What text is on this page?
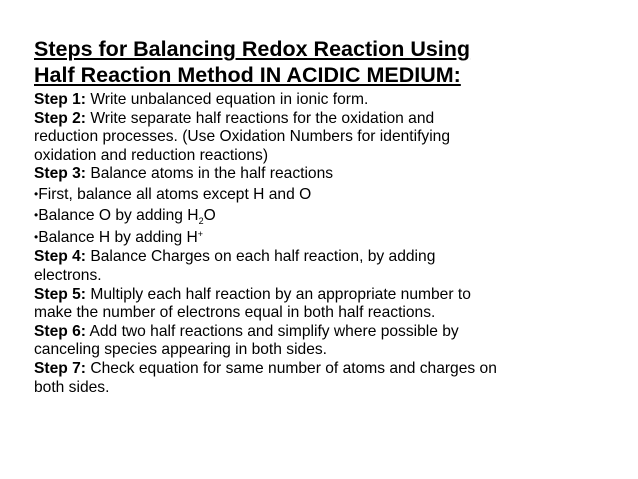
Steps for Balancing Redox Reaction Using
Half Reaction Method IN ACIDIC MEDIUM:
Step 1: Write unbalanced equation in ionic form.
Step 2: Write separate half reactions for the oxidation and
reduction processes. (Use Oxidation Numbers for identifying
oxidation and reduction reactions)
Step 3: Balance atoms in the half reactions
•First, balance all atoms except H and O
•Balance O by adding $H_2O$
•Balance H by adding H+
Step 4: Balance Charges on each half reaction, by adding
electrons.
Step 5: Multiply each half reaction by an appropriate number to
make the number of electrons equal in both half reactions.
Step 6: Add two half reactions and simplify where possible by
canceling species appearing in both sides.
Step 7: Check equation for same number of atoms and charges on
both sides.
